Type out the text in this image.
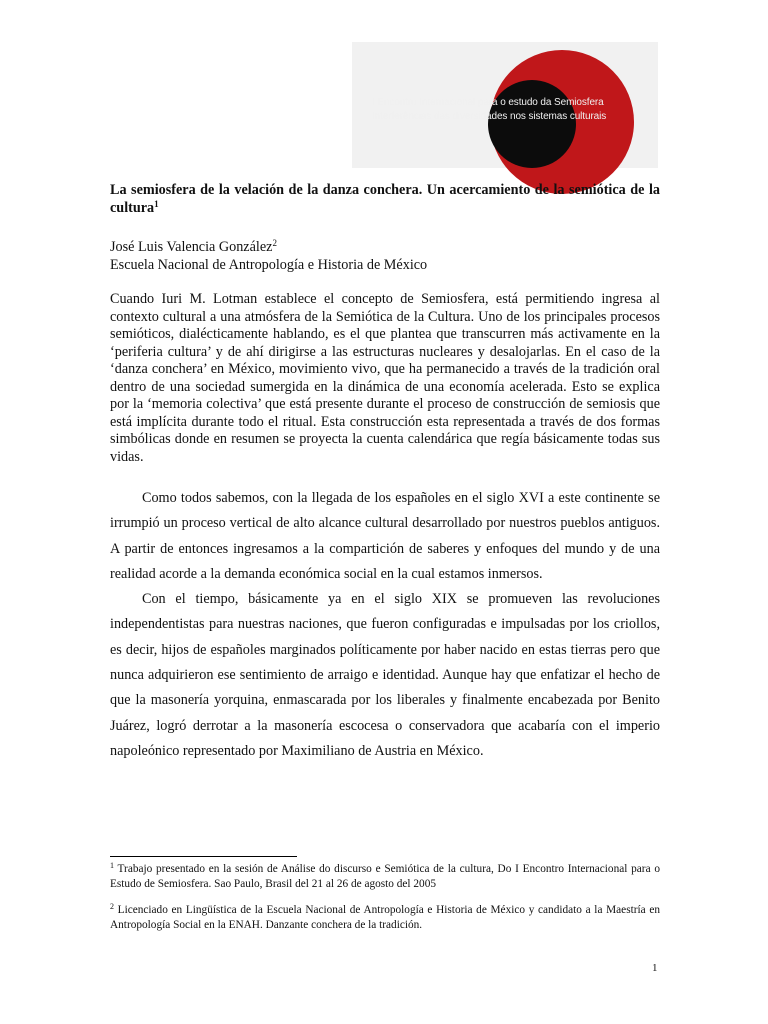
I Encontro Internacional para o estudo da Semiosfera
Interferências das diversidades nos sistemas culturais

La semiosfera de la velación de la danza conchera. Un acercamiento de la semiótica de la cultura$^1$

José Luis Valencia González$^2$

Escuela Nacional de Antropología e Historia de México

Cuando Iuri M. Lotman establece el concepto de Semiosfera, está permitiendo ingresa al contexto cultural a una atmósfera de la Semiótica de la Cultura. Uno de los principales procesos semióticos, dialécticamente hablando, es el que plantea que transcurren más activamente en la ‘periferia cultura’ y de ahí dirigirse a las estructuras nucleares y desalojarlas. En el caso de la ‘danza conchera’ en México, movimiento vivo, que ha permanecido a través de la tradición oral dentro de una sociedad sumergida en la dinámica de una economía acelerada. Esto se explica por la ‘memoria colectiva’ que está presente durante el proceso de construcción de semiosis que está implícita durante todo el ritual. Esta construcción esta representada a través de dos formas simbólicas donde en resumen se proyecta la cuenta calendárica que regía básicamente todas sus vidas.

Como todos sabemos, con la llegada de los españoles en el siglo XVI a este continente se irrumpió un proceso vertical de alto alcance cultural desarrollado por nuestros pueblos antiguos. A partir de entonces ingresamos a la compartición de saberes y enfoques del mundo y de una realidad acorde a la demanda económica social en la cual estamos inmersos.

Con el tiempo, básicamente ya en el siglo XIX se promueven las revoluciones independentistas para nuestras naciones, que fueron configuradas e impulsadas por los criollos, es decir, hijos de españoles marginados políticamente por haber nacido en estas tierras pero que nunca adquirieron ese sentimiento de arraigo e identidad. Aunque hay que enfatizar el hecho de que la masonería yorquina, enmascarada por los liberales y finalmente encabezada por Benito Juárez, logró derrotar a la masonería escocesa o conservadora que acabaría con el imperio napoleónico representado por Maximiliano de Austria en México.

$^1$ Trabajo presentado en la sesión de Análise do discurso e Semiótica de la cultura, Do I Encontro Internacional para o Estudo de Semiosfera. Sao Paulo, Brasil del 21 al 26 de agosto del 2005

$^2$ Licenciado en Lingüística de la Escuela Nacional de Antropología e Historia de México y candidato a la Maestría en Antropología Social en la ENAH. Danzante conchera de la tradición.

1
